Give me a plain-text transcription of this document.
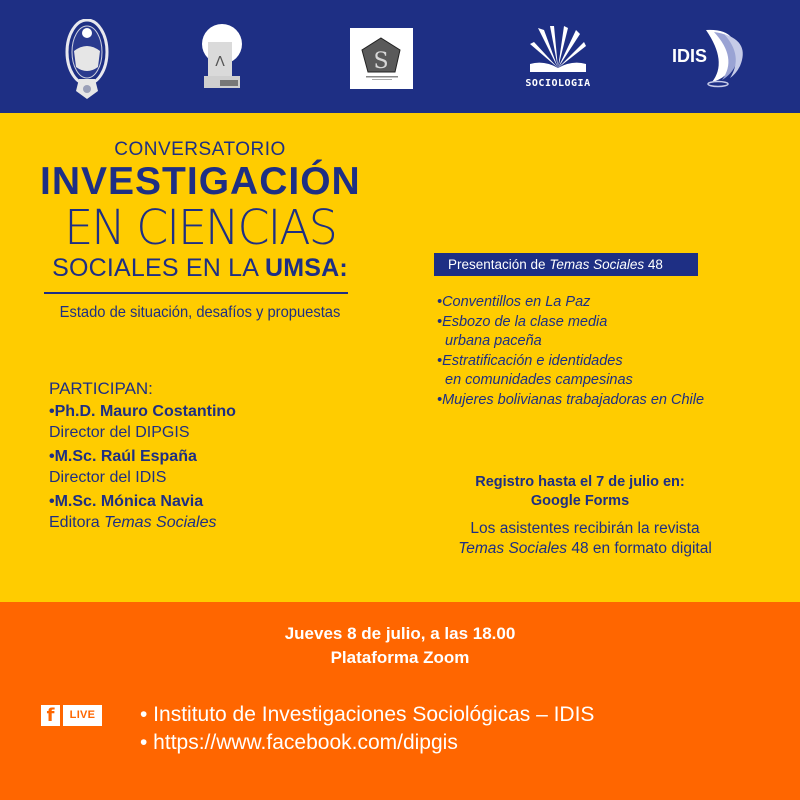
ⴷ	S
SOCIOLOGIA
IDIS
CONVERSATORIO
INVESTIGACIÓN
EN CIENCIAS
SOCIALES EN LA UMSA:
Estado de situación, desafíos y propuestas
PARTICIPAN:
•Ph.D. Mauro Costantino
Director del DIPGIS
•M.Sc. Raúl España
Director del IDIS
•M.Sc. Mónica Navia
Editora Temas Sociales
Presentación de Temas Sociales 48
•Conventillos en La Paz
•Esbozo de la clase media
urbana paceña
•Estratificación e identidades
en comunidades campesinas
•Mujeres bolivianas trabajadoras en Chile
Registro hasta el 7 de julio en:
Google Forms
Los asistentes recibirán la revista
Temas Sociales 48 en formato digital
Jueves 8 de julio, a las 18.00
Plataforma Zoom
f	LIVE	• Instituto de Investigaciones Sociológicas – IDIS
• https://www.facebook.com/dipgis
